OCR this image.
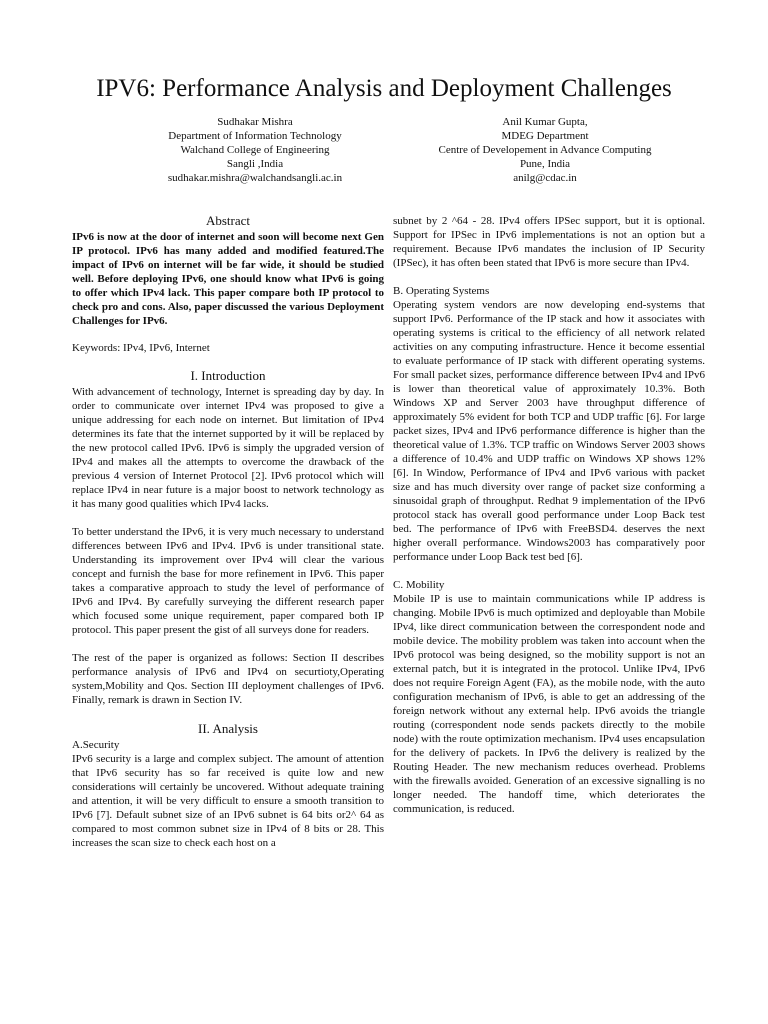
IPV6: Performance Analysis and Deployment Challenges
Sudhakar Mishra
Department of Information Technology
Walchand College of Engineering
Sangli ,India
sudhakar.mishra@walchandsangli.ac.in
Anil Kumar Gupta,
MDEG Department
Centre of Developement in Advance Computing
Pune, India
anilg@cdac.in
Abstract

IPv6 is now at the door of internet and soon will become next Gen IP protocol. IPv6 has many added and modified featured.The impact of IPv6 on internet will be far wide, it should be studied well. Before deploying IPv6, one should know what IPv6 is going to offer which IPv4 lack. This paper compare both IP protocol to check pro and cons. Also, paper discussed the various Deployment Challenges for IPv6.

Keywords: IPv4, IPv6, Internet

I. Introduction

With advancement of technology, Internet is spreading day by day. In order to communicate over internet IPv4 was proposed to give a unique addressing for each node on internet. But limitation of IPv4 determines its fate that the internet supported by it will be replaced by the new protocol called IPv6. IPv6 is simply the upgraded version of IPv4 and makes all the attempts to overcome the drawback of the previous 4 version of Internet Protocol [2]. IPv6 protocol which will replace IPv4 in near future is a major boost to network technology as it has many good qualities which IPv4 lacks.

To better understand the IPv6, it is very much necessary to understand differences between IPv6 and IPv4. IPv6 is under transitional state. Understanding its improvement over IPv4 will clear the various concept and furnish the base for more refinement in IPv6. This paper takes a comparative approach to study the level of performance of IPv6 and IPv4. By carefully surveying the different research paper which focused some unique requirement, paper compared both IP protocol. This paper present the gist of all surveys done for readers.

The rest of the paper is organized as follows: Section II describes performance analysis of IPv6 and IPv4 on securtioty,Operating system,Mobility and Qos. Section III deployment challenges of IPv6. Finally, remark is drawn in Section IV.

II. Analysis

A.Security

IPv6 security is a large and complex subject. The amount of attention that IPv6 security has so far received is quite low and new considerations will certainly be uncovered. Without adequate training and attention, it will be very difficult to ensure a smooth transition to IPv6 [7]. Default subnet size of an IPv6 subnet is 64 bits or2^ 64 as compared to most common subnet size in IPv4 of 8 bits or 28. This increases the scan size to check each host on a

subnet by 2 ^64 - 28. IPv4 offers IPSec support, but it is optional. Support for IPSec in IPv6 implementations is not an option but a requirement. Because IPv6 mandates the inclusion of IP Security (IPSec), it has often been stated that IPv6 is more secure than IPv4.

B. Operating Systems

Operating system vendors are now developing end-systems that support IPv6. Performance of the IP stack and how it associates with operating systems is critical to the efficiency of all network related activities on any computing infrastructure. Hence it become essential to evaluate performance of IP stack with different operating systems. For small packet sizes, performance difference between IPv4 and IPv6 is lower than theoretical value of approximately 10.3%. Both Windows XP and Server 2003 have throughput difference of approximately 5% evident for both TCP and UDP traffic [6]. For large packet sizes, IPv4 and IPv6 performance difference is higher than the theoretical value of 1.3%. TCP traffic on Windows Server 2003 shows a difference of 10.4% and UDP traffic on Windows XP shows 12% [6]. In Window, Performance of IPv4 and IPv6 various with packet size and has much diversity over range of packet size conforming a sinusoidal graph of throughput. Redhat 9 implementation of the IPv6 protocol stack has overall good performance under Loop Back test bed. The performance of IPv6 with FreeBSD4. deserves the next higher overall performance. Windows2003 has comparatively poor performance under Loop Back test bed [6].

C. Mobility

Mobile IP is use to maintain communications while IP address is changing. Mobile IPv6 is much optimized and deployable than Mobile IPv4, like direct communication between the correspondent node and mobile device. The mobility problem was taken into account when the IPv6 protocol was being designed, so the mobility support is not an external patch, but it is integrated in the protocol. Unlike IPv4, IPv6 does not require Foreign Agent (FA), as the mobile node, with the auto configuration mechanism of IPv6, is able to get an addressing of the foreign network without any external help. IPv6 avoids the triangle routing (correspondent node sends packets directly to the mobile node) with the route optimization mechanism. IPv4 uses encapsulation for the delivery of packets. In IPv6 the delivery is realized by the Routing Header. The new mechanism reduces overhead. Problems with the firewalls avoided. Generation of an excessive signalling is no longer needed. The handoff time, which deteriorates the communication, is reduced.
